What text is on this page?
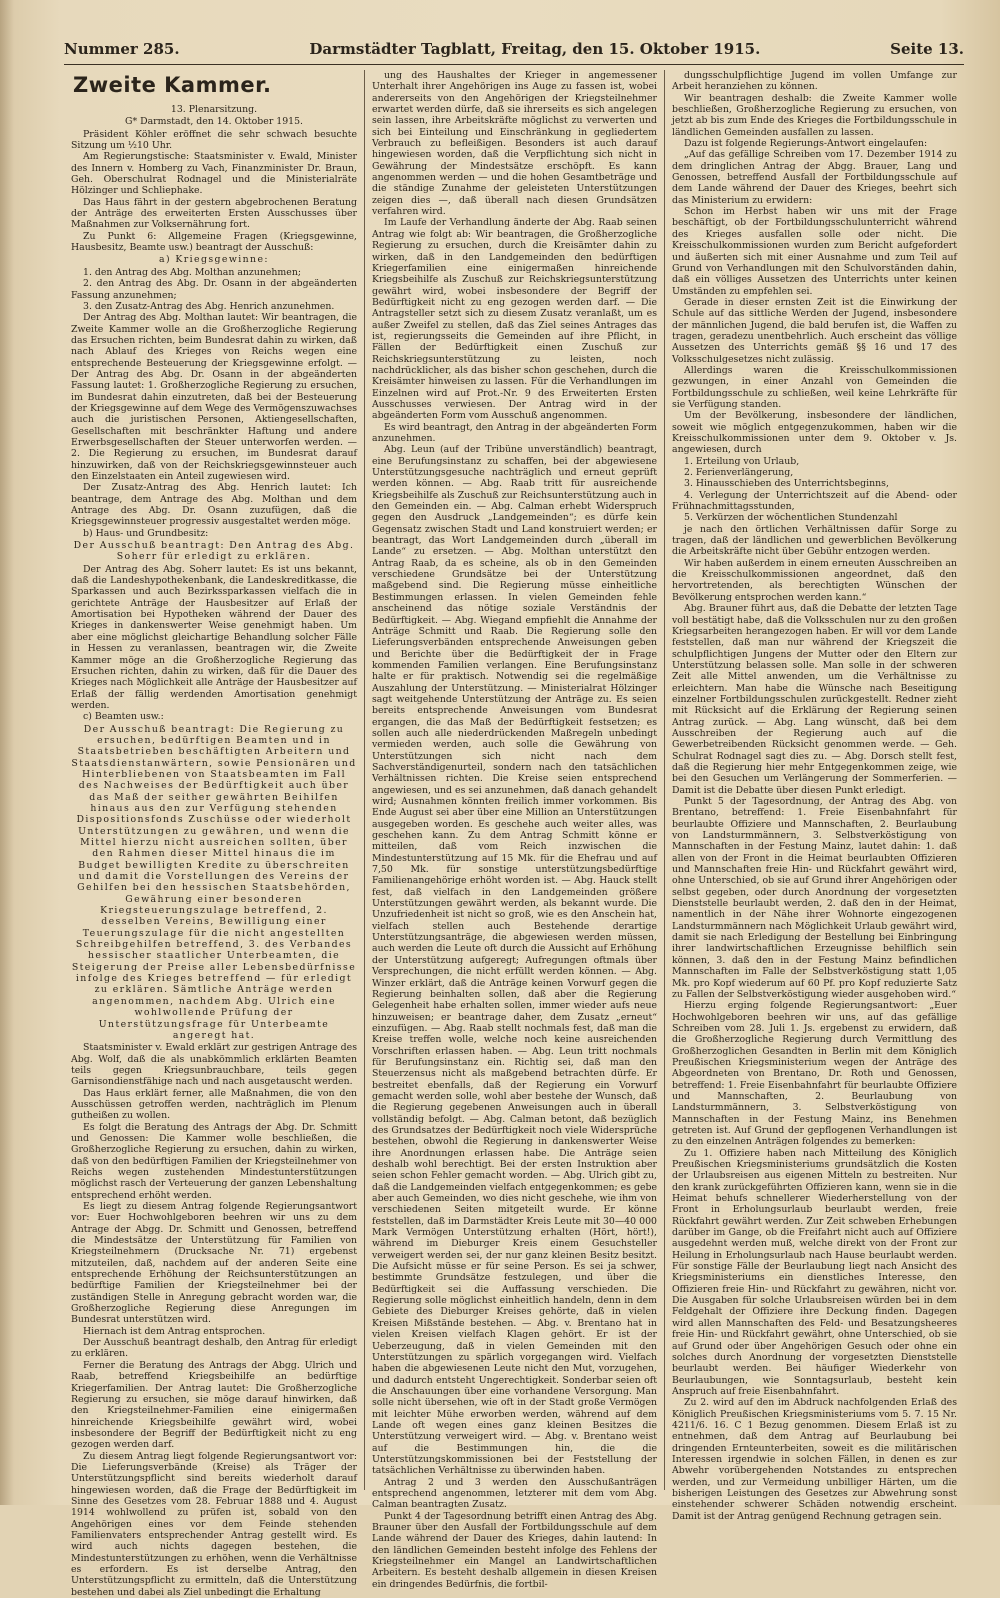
Nummer 285.	Darmstädter Tagblatt, Freitag, den 15. Oktober 1915.	Seite 13.
Zweite Kammer.

13. Plenarsitzung.

G* Darmstadt, den 14. Oktober 1915.

Präsident Köhler eröffnet die sehr schwach besuchte Sitzung um ½10 Uhr.

Am Regierungstische: Staatsminister v. Ewald, Minister des Innern v. Homberg zu Vach, Finanzminister Dr. Braun, Geh. Oberschulrat Rodnagel und die Ministerialräte Hölzinger und Schliephake.

Das Haus fährt in der gestern abgebrochenen Beratung der Anträge des erweiterten Ersten Ausschusses über Maßnahmen zur Volksernährung fort.

Zu Punkt 6: Allgemeine Fragen (Kriegsgewinne, Hausbesitz, Beamte usw.) beantragt der Ausschuß:

a) Kriegsgewinne:

1. den Antrag des Abg. Molthan anzunehmen;

2. den Antrag des Abg. Dr. Osann in der abgeänderten Fassung anzunehmen;

3. den Zusatz-Antrag des Abg. Henrich anzunehmen.

Der Antrag des Abg. Molthan lautet: Wir beantragen, die Zweite Kammer wolle an die Großherzogliche Regierung das Ersuchen richten, beim Bundesrat dahin zu wirken, daß nach Ablauf des Krieges von Reichs wegen eine entsprechende Besteuerung der Kriegsgewinne erfolgt. — Der Antrag des Abg. Dr. Osann in der abgeänderten Fassung lautet: 1. Großherzogliche Regierung zu ersuchen, im Bundesrat dahin einzutreten, daß bei der Besteuerung der Kriegsgewinne auf dem Wege des Vermögenszuwachses auch die juristischen Personen, Aktiengesellschaften, Gesellschaften mit beschränkter Haftung und andere Erwerbsgesellschaften der Steuer unterworfen werden. — 2. Die Regierung zu ersuchen, im Bundesrat darauf hinzuwirken, daß von der Reichskriegsgewinnsteuer auch den Einzelstaaten ein Anteil zugewiesen wird.

Der Zusatz-Antrag des Abg. Henrich lautet: Ich beantrage, dem Antrage des Abg. Molthan und dem Antrage des Abg. Dr. Osann zuzufügen, daß die Kriegsgewinnsteuer progressiv ausgestaltet werden möge.

b) Haus- und Grundbesitz:

Der Ausschuß beantragt: Den Antrag des Abg. Soherr für erledigt zu erklären.

Der Antrag des Abg. Soherr lautet: Es ist uns bekannt, daß die Landeshypothekenbank, die Landeskreditkasse, die Sparkassen und auch Bezirkssparkassen vielfach die in gerichtete Anträge der Hausbesitzer auf Erlaß der Amortisation bei Hypotheken während der Dauer des Krieges in dankenswerter Weise genehmigt haben. Um aber eine möglichst gleichartige Behandlung solcher Fälle in Hessen zu veranlassen, beantragen wir, die Zweite Kammer möge an die Großherzogliche Regierung das Ersuchen richten, dahin zu wirken, daß für die Dauer des Krieges nach Möglichkeit alle Anträge der Hausbesitzer auf Erlaß der fällig werdenden Amortisation genehmigt werden.

c) Beamten usw.:

Der Ausschuß beantragt: Die Regierung zu ersuchen, bedürftigen Beamten und in Staatsbetrieben beschäftigten Arbeitern und Staatsdienstanwärtern, sowie Pensionären und Hinterbliebenen von Staatsbeamten im Fall des Nachweises der Bedürftigkeit auch über das Maß der seither gewährten Beihilfen hinaus aus den zur Verfügung stehenden Dispositionsfonds Zuschüsse oder wiederholt Unterstützungen zu gewähren, und wenn die Mittel hierzu nicht ausreichen sollten, über den Rahmen dieser Mittel hinaus die im Budget bewilligten Kredite zu überschreiten und damit die Vorstellungen des Vereins der Gehilfen bei den hessischen Staatsbehörden, Gewährung einer besonderen Kriegsteuerungszulage betreffend, 2. desselben Vereins, Bewilligung einer Teuerungszulage für die nicht angestellten Schreibgehilfen betreffend, 3. des Verbandes hessischer staatlicher Unterbeamten, die Steigerung der Preise aller Lebensbedürfnisse infolge des Krieges betreffend — für erledigt zu erklären. Sämtliche Anträge werden angenommen, nachdem Abg. Ulrich eine wohlwollende Prüfung der Unterstützungsfrage für Unterbeamte angeregt hat.

Staatsminister v. Ewald erklärt zur gestrigen Antrage des Abg. Wolf, daß die als unabkömmlich erklärten Beamten teils gegen Kriegsunbrauchbare, teils gegen Garnisondienstfähige nach und nach ausgetauscht werden.

Das Haus erklärt ferner, alle Maßnahmen, die von den Ausschüssen getroffen werden, nachträglich im Plenum gutheißen zu wollen.

Es folgt die Beratung des Antrags der Abg. Dr. Schmitt und Genossen: Die Kammer wolle beschließen, die Großherzogliche Regierung zu ersuchen, dahin zu wirken, daß von den bedürftigen Familien der Kriegsteilnehmer von Reichs wegen zustehenden Mindestunterstützungen möglichst rasch der Verteuerung der ganzen Lebenshaltung entsprechend erhöht werden.

Es liegt zu diesem Antrag folgende Regierungsantwort vor: Euer Hochwohlgeboren beehren wir uns zu dem Antrage der Abgg. Dr. Schmitt und Genossen, betreffend die Mindestsätze der Unterstützung für Familien von Kriegsteilnehmern (Drucksache Nr. 71) ergebenst mitzuteilen, daß, nachdem auf der anderen Seite eine entsprechende Erhöhung der Reichsunterstützungen an bedürftige Familien der Kriegsteilnehmer bei der zuständigen Stelle in Anregung gebracht worden war, die Großherzogliche Regierung diese Anregungen im Bundesrat unterstützen wird.

Hiernach ist dem Antrag entsprochen.

Der Ausschuß beantragt deshalb, den Antrag für erledigt zu erklären.

Ferner die Beratung des Antrags der Abgg. Ulrich und Raab, betreffend Kriegsbeihilfe an bedürftige Kriegerfamilien. Der Antrag lautet: Die Großherzogliche Regierung zu ersuchen, sie möge darauf hinwirken, daß den Kriegsteilnehmer-Familien eine einigermaßen hinreichende Kriegsbeihilfe gewährt wird, wobei insbesondere der Begriff der Bedürftigkeit nicht zu eng gezogen werden darf.

Zu diesem Antrag liegt folgende Regierungsantwort vor: Die Lieferungsverbände (Kreise) als Träger der Unterstützungspflicht sind bereits wiederholt darauf hingewiesen worden, daß die Frage der Bedürftigkeit im Sinne des Gesetzes vom 28. Februar 1888 und 4. August 1914 wohlwollend zu prüfen ist, sobald von den Angehörigen eines vor dem Feinde stehenden Familienvaters entsprechender Antrag gestellt wird. Es wird auch nichts dagegen bestehen, die Mindestunterstützungen zu erhöhen, wenn die Verhältnisse es erfordern. Es ist derselbe Antrag, den Unterstützungspflicht zu ermitteln, daß die Unterstützung bestehen und dabei als Ziel unbedingt die Erhaltung

ung des Haushaltes der Krieger in angemessener Unterhalt ihrer Angehörigen ins Auge zu fassen ist, wobei andererseits von den Angehörigen der Kriegsteilnehmer erwartet werden dürfe, daß sie ihrerseits es sich angelegen sein lassen, ihre Arbeitskräfte möglichst zu verwerten und sich bei Einteilung und Einschränkung in gegliedertem Verbrauch zu befleißigen. Besonders ist auch darauf hingewiesen worden, daß die Verpflichtung sich nicht in Gewährung der Mindestsätze erschöpft. Es kann angenommen werden — und die hohen Gesamtbeträge und die ständige Zunahme der geleisteten Unterstützungen zeigen dies —, daß überall nach diesen Grundsätzen verfahren wird.

Im Laufe der Verhandlung änderte der Abg. Raab seinen Antrag wie folgt ab: Wir beantragen, die Großherzogliche Regierung zu ersuchen, durch die Kreisämter dahin zu wirken, daß in den Landgemeinden den bedürftigen Kriegerfamilien eine einigermaßen hinreichende Kriegsbeihilfe als Zuschuß zur Reichskriegsunterstützung gewährt wird, wobei insbesondere der Begriff der Bedürftigkeit nicht zu eng gezogen werden darf. — Die Antragsteller setzt sich zu diesem Zusatz veranlaßt, um es außer Zweifel zu stellen, daß das Ziel seines Antrages das ist, regierungsseits die Gemeinden auf ihre Pflicht, in Fällen der Bedürftigkeit einen Zuschuß zur Reichskriegsunterstützung zu leisten, noch nachdrücklicher, als das bisher schon geschehen, durch die Kreisämter hinweisen zu lassen. Für die Verhandlungen im Einzelnen wird auf Prot.-Nr. 9 des Erweiterten Ersten Ausschusses verwiesen. Der Antrag wird in der abgeänderten Form vom Ausschuß angenommen.

Es wird beantragt, den Antrag in der abgeänderten Form anzunehmen.

Abg. Leun (auf der Tribüne unverständlich) beantragt, eine Berufungsinstanz zu schaffen, bei der abgewiesene Unterstützungsgesuche nachträglich und erneut geprüft werden können. — Abg. Raab tritt für ausreichende Kriegsbeihilfe als Zuschuß zur Reichsunterstützung auch in den Gemeinden ein. — Abg. Calman erhebt Widerspruch gegen den Ausdruck „Landgemeinden“; es dürfe kein Gegensatz zwischen Stadt und Land konstruiert werden; er beantragt, das Wort Landgemeinden durch „überall im Lande“ zu ersetzen. — Abg. Molthan unterstützt den Antrag Raab, da es scheine, als ob in den Gemeinden verschiedene Grundsätze bei der Unterstützung maßgebend sind. Die Regierung müsse einheitliche Bestimmungen erlassen. In vielen Gemeinden fehle anscheinend das nötige soziale Verständnis der Bedürftigkeit. — Abg. Wiegand empfiehlt die Annahme der Anträge Schmitt und Raab. Die Regierung solle den Lieferungsverbänden entsprechende Anweisungen geben und Berichte über die Bedürftigkeit der in Frage kommenden Familien verlangen. Eine Berufungsinstanz halte er für praktisch. Notwendig sei die regelmäßige Auszahlung der Unterstützung. — Ministerialrat Hölzinger sagt weitgehende Unterstützung der Anträge zu. Es seien bereits entsprechende Anweisungen vom Bundesrat ergangen, die das Maß der Bedürftigkeit festsetzen; es sollen auch alle niederdrückenden Maßregeln unbedingt vermieden werden, auch solle die Gewährung von Unterstützungen sich nicht nach dem Sachverständigenurteil, sondern nach den tatsächlichen Verhältnissen richten. Die Kreise seien entsprechend angewiesen, und es sei anzunehmen, daß danach gehandelt wird; Ausnahmen könnten freilich immer vorkommen. Bis Ende August sei aber über eine Million an Unterstützungen ausgegeben worden. Es geschehe auch weiter alles, was geschehen kann. Zu dem Antrag Schmitt könne er mitteilen, daß vom Reich inzwischen die Mindestunterstützung auf 15 Mk. für die Ehefrau und auf 7,50 Mk. für sonstige unterstützungsbedürftige Familienangehörige erhöht worden ist. — Abg. Hauck stellt fest, daß vielfach in den Landgemeinden größere Unterstützungen gewährt werden, als bekannt wurde. Die Unzufriedenheit ist nicht so groß, wie es den Anschein hat, vielfach stellen auch Bestehende derartige Unterstützungsanträge, die abgewiesen werden müssen, auch werden die Leute oft durch die Aussicht auf Erhöhung der Unterstützung aufgeregt; Aufregungen oftmals über Versprechungen, die nicht erfüllt werden können. — Abg. Winzer erklärt, daß die Anträge keinen Vorwurf gegen die Regierung beinhalten sollen, daß aber die Regierung Gelegenheit habe erhalten sollen, immer wieder aufs neue hinzuweisen; er beantrage daher, dem Zusatz „erneut“ einzufügen. — Abg. Raab stellt nochmals fest, daß man die Kreise treffen wolle, welche noch keine ausreichenden Vorschriften erlassen haben. — Abg. Leun tritt nochmals für Berufungsinstanz ein. Richtig sei, daß man den Steuerzensus nicht als maßgebend betrachten dürfe. Er bestreitet ebenfalls, daß der Regierung ein Vorwurf gemacht werden solle, wohl aber bestehe der Wunsch, daß die Regierung gegebenen Anweisungen auch in überall vollständig befolgt. — Abg. Calman betont, daß bezüglich des Grundsatzes der Bedürftigkeit noch viele Widersprüche bestehen, obwohl die Regierung in dankenswerter Weise ihre Anordnungen erlassen habe. Die Anträge seien deshalb wohl berechtigt. Bei der ersten Instruktion aber seien schon Fehler gemacht worden. — Abg. Ulrich gibt zu, daß die Landgemeinden vielfach entgegenkommen; es gebe aber auch Gemeinden, wo dies nicht geschehe, wie ihm von verschiedenen Seiten mitgeteilt wurde. Er könne feststellen, daß im Darmstädter Kreis Leute mit 30—40 000 Mark Vermögen Unterstützung erhalten (Hört, hört!), während im Dieburger Kreis einem Gesuchsteller verweigert werden sei, der nur ganz kleinen Besitz besitzt. Die Aufsicht müsse er für seine Person. Es sei ja schwer, bestimmte Grundsätze festzulegen, und über die Bedürftigkeit sei die Auffassung verschieden. Die Regierung solle möglichst einheitlich handeln, denn in dem Gebiete des Dieburger Kreises gehörte, daß in vielen Kreisen Mißstände bestehen. — Abg. v. Brentano hat in vielen Kreisen vielfach Klagen gehört. Er ist der Ueberzeugung, daß in vielen Gemeinden mit den Unterstützungen zu spärlich vorgegangen wird. Vielfach haben die abgewiesenen Leute nicht den Mut, vorzugehen, und dadurch entsteht Ungerechtigkeit. Sonderbar seien oft die Anschauungen über eine vorhandene Versorgung. Man solle nicht übersehen, wie oft in der Stadt große Vermögen mit leichter Mühe erworben werden, während auf dem Lande oft wegen eines ganz kleinen Besitzes die Unterstützung verweigert wird. — Abg. v. Brentano weist auf die Bestimmungen hin, die die Unterstützungskommissionen bei der Feststellung der tatsächlichen Verhältnisse zu überwinden haben.

Antrag 2 und 3 werden den Ausschußanträgen entsprechend angenommen, letzterer mit dem vom Abg. Calman beantragten Zusatz.

Punkt 4 der Tagesordnung betrifft einen Antrag des Abg. Brauner über den Ausfall der Fortbildungsschule auf dem Lande während der Dauer des Krieges, dahin lautend: In den ländlichen Gemeinden besteht infolge des Fehlens der Kriegsteilnehmer ein Mangel an Landwirtschaftlichen Arbeitern. Es besteht deshalb allgemein in diesen Kreisen ein dringendes Bedürfnis, die fortbil-

dungsschulpflichtige Jugend im vollen Umfange zur Arbeit heranziehen zu können.

Wir beantragen deshalb: die Zweite Kammer wolle beschließen, Großherzogliche Regierung zu ersuchen, von jetzt ab bis zum Ende des Krieges die Fortbildungsschule in ländlichen Gemeinden ausfallen zu lassen.

Dazu ist folgende Regierungs-Antwort eingelaufen:

„Auf das gefällige Schreiben vom 17. Dezember 1914 zu dem dringlichen Antrag der Abgg. Brauer, Lang und Genossen, betreffend Ausfall der Fortbildungsschule auf dem Lande während der Dauer des Krieges, beehrt sich das Ministerium zu erwidern:

Schon im Herbst haben wir uns mit der Frage beschäftigt, ob der Fortbildungsschulunterricht während des Krieges ausfallen solle oder nicht. Die Kreisschulkommissionen wurden zum Bericht aufgefordert und äußerten sich mit einer Ausnahme und zum Teil auf Grund von Verhandlungen mit den Schulvorständen dahin, daß ein völliges Aussetzen des Unterrichts unter keinen Umständen zu empfehlen sei.

Gerade in dieser ernsten Zeit ist die Einwirkung der Schule auf das sittliche Werden der Jugend, insbesondere der männlichen Jugend, die bald berufen ist, die Waffen zu tragen, geradezu unentbehrlich. Auch erscheint das völlige Aussetzen des Unterrichts gemäß §§ 16 und 17 des Volksschulgesetzes nicht zulässig.

Allerdings waren die Kreisschulkommissionen gezwungen, in einer Anzahl von Gemeinden die Fortbildungsschule zu schließen, weil keine Lehrkräfte für sie Verfügung standen.

Um der Bevölkerung, insbesondere der ländlichen, soweit wie möglich entgegenzukommen, haben wir die Kreisschulkommissionen unter dem 9. Oktober v. Js. angewiesen, durch

1. Erteilung von Urlaub,

2. Ferienverlängerung,

3. Hinausschieben des Unterrichtsbeginns,

4. Verlegung der Unterrichtszeit auf die Abend- oder Frühnachmittagsstunden,

5. Verkürzen der wöchentlichen Stundenzahl

je nach den örtlichen Verhältnissen dafür Sorge zu tragen, daß der ländlichen und gewerblichen Bevölkerung die Arbeitskräfte nicht über Gebühr entzogen werden.

Wir haben außerdem in einem erneuten Ausschreiben an die Kreisschulkommissionen angeordnet, daß den hervortretenden, als berechtigten Wünschen der Bevölkerung entsprochen werden kann.“

Abg. Brauner führt aus, daß die Debatte der letzten Tage voll bestätigt habe, daß die Volksschulen nur zu den großen Kriegsarbeiten herangezogen haben. Er will vor dem Lande feststellen, daß man nur während der Kriegszeit die schulpflichtigen Jungens der Mutter oder den Eltern zur Unterstützung belassen solle. Man solle in der schweren Zeit alle Mittel anwenden, um die Verhältnisse zu erleichtern. Man habe die Wünsche nach Beseitigung einzelner Fortbildungsschulen zurückgestellt. Redner zieht mit Rücksicht auf die Erklärung der Regierung seinen Antrag zurück. — Abg. Lang wünscht, daß bei dem Ausschreiben der Regierung auch auf die Gewerbetreibenden Rücksicht genommen werde. — Geh. Schulrat Rodnagel sagt dies zu. — Abg. Dorsch stellt fest, daß die Regierung hier mehr Entgegenkommen zeige, wie bei den Gesuchen um Verlängerung der Sommerferien. — Damit ist die Debatte über diesen Punkt erledigt.

Punkt 5 der Tagesordnung, der Antrag des Abg. von Brentano, betreffend: 1. Freie Eisenbahnfahrt für beurlaubte Offiziere und Mannschaften, 2. Beurlaubung von Landsturmmännern, 3. Selbstverköstigung von Mannschaften in der Festung Mainz, lautet dahin: 1. daß allen von der Front in die Heimat beurlaubten Offizieren und Mannschaften freie Hin- und Rückfahrt gewährt wird, ohne Unterschied, ob sie auf Grund ihrer Angehörigen oder selbst gegeben, oder durch Anordnung der vorgesetzten Dienststelle beurlaubt werden, 2. daß den in der Heimat, namentlich in der Nähe ihrer Wohnorte eingezogenen Landsturmmännern nach Möglichkeit Urlaub gewährt wird, damit sie nach Erledigung der Bestellung bei Einbringung ihrer landwirtschaftlichen Erzeugnisse behilflich sein können, 3. daß den in der Festung Mainz befindlichen Mannschaften im Falle der Selbstverköstigung statt 1,05 Mk. pro Kopf wiederum auf 60 Pf. pro Kopf reduzierte Satz zu Fallen der Selbstverköstigung wieder ausgehoben wird.“

Hierzu erging folgende Regierungsantwort: „Euer Hochwohlgeboren beehren wir uns, auf das gefällige Schreiben vom 28. Juli 1. Js. ergebenst zu erwidern, daß die Großherzogliche Regierung durch Vermittlung des Großherzoglichen Gesandten in Berlin mit dem Königlich Preußischen Kriegsministerium wegen der Anträge des Abgeordneten von Brentano, Dr. Roth und Genossen, betreffend: 1. Freie Eisenbahnfahrt für beurlaubte Offiziere und Mannschaften, 2. Beurlaubung von Landsturmmännern, 3. Selbstverköstigung von Mannschaften in der Festung Mainz, ins Benehmen getreten ist. Auf Grund der gepflogenen Verhandlungen ist zu den einzelnen Anträgen folgendes zu bemerken:

Zu 1. Offiziere haben nach Mitteilung des Königlich Preußischen Kriegsministeriums grundsätzlich die Kosten der Urlaubsreisen aus eigenen Mitteln zu bestreiten. Nur den krank zurückgeführten Offizieren kann, wenn sie in die Heimat behufs schnellerer Wiederherstellung von der Front in Erholungsurlaub beurlaubt werden, freie Rückfahrt gewährt werden. Zur Zeit schweben Erhebungen darüber im Gange, ob die Freifahrt nicht auch auf Offiziere ausgedehnt werden muß, welche direkt von der Front zur Heilung in Erholungsurlaub nach Hause beurlaubt werden. Für sonstige Fälle der Beurlaubung liegt nach Ansicht des Kriegsministeriums ein dienstliches Interesse, den Offizieren freie Hin- und Rückfahrt zu gewähren, nicht vor. Die Ausgaben für solche Urlaubsreisen würden bei in dem Feldgehalt der Offiziere ihre Deckung finden. Dagegen wird allen Mannschaften des Feld- und Besatzungsheeres freie Hin- und Rückfahrt gewährt, ohne Unterschied, ob sie auf Grund oder über Angehörigen Gesuch oder ohne ein solches durch Anordnung der vorgesetzten Dienststelle beurlaubt werden. Bei häufiger Wiederkehr von Beurlaubungen, wie Sonntagsurlaub, besteht kein Anspruch auf freie Eisenbahnfahrt.

Zu 2. wird auf den im Abdruck nachfolgenden Erlaß des Königlich Preußischen Kriegsministeriums vom 5. 7. 15 Nr. 4211/6. 16. C 1 Bezug genommen. Diesem Erlaß ist zu entnehmen, daß dem Antrag auf Beurlaubung bei dringenden Ernteunterbeiten, soweit es die militärischen Interessen irgendwie in solchen Fällen, in denen es zur Abwehr vorübergehenden Notstandes zu entsprechen werden, und zur Vermeidung unbilliger Härten, um die bisherigen Leistungen des Gesetzes zur Abwehrung sonst einstehender schwerer Schäden notwendig erscheint. Damit ist der Antrag genügend Rechnung getragen sein.
